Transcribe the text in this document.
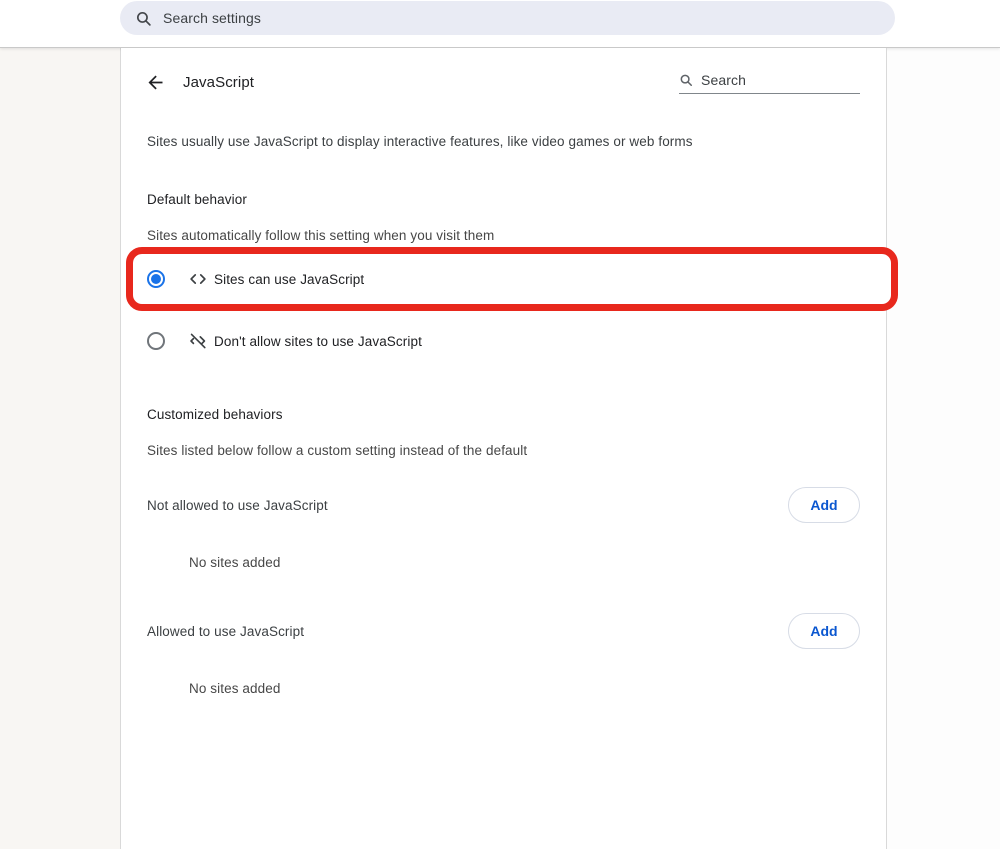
Search settings
JavaScript	Search
Sites usually use JavaScript to display interactive features, like video games or web forms
Default behavior
Sites automatically follow this setting when you visit them
Sites can use JavaScript
Don't allow sites to use JavaScript
Customized behaviors
Sites listed below follow a custom setting instead of the default
Not allowed to use JavaScript	Add
No sites added
Allowed to use JavaScript	Add
No sites added
